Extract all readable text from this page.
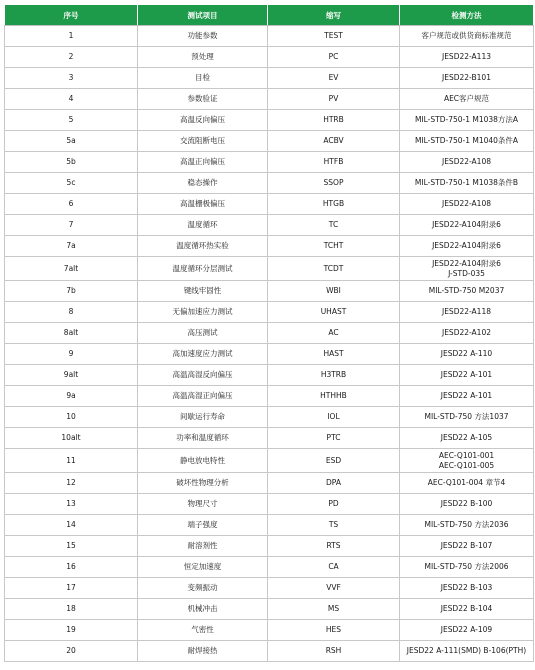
序号	测试项目	缩写	检测方法
1	功能参数	TEST	客户规范或供货商标准规范
2	预处理	PC	JESD22-A113
3	目检	EV	JESD22-B101
4	参数验证	PV	AEC客户规范
5	高温反向偏压	HTRB	MIL-STD-750-1 M1038方法A
5a	交流阻断电压	ACBV	MIL-STD-750-1 M1040条件A
5b	高温正向偏压	HTFB	JESD22-A108
5c	稳态操作	SSOP	MIL-STD-750-1 M1038条件B
6	高温栅极偏压	HTGB	JESD22-A108
7	温度循环	TC	JESD22-A104附录6
7a	温度循环热实验	TCHT	JESD22-A104附录6
7alt	温度循环分层测试	TCDT	JESD22-A104附录6
J-STD-035

7b	键线牢固性	WBI	MIL-STD-750 M2037
8	无偏加速应力测试	UHAST	JESD22-A118
8alt	高压测试	AC	JESD22-A102
9	高加速度应力测试	HAST	JESD22 A-110
9alt	高温高湿反向偏压	H3TRB	JESD22 A-101
9a	高温高湿正向偏压	HTHHB	JESD22 A-101
10	间歇运行寿命	IOL	MIL-STD-750 方法1037
10alt	功率和温度循环	PTC	JESD22 A-105
11	静电放电特性	ESD	AEC-Q101-001
AEC-Q101-005

12	破坏性物理分析	DPA	AEC-Q101-004 章节4
13	物理尺寸	PD	JESD22 B-100
14	端子强度	TS	MIL-STD-750 方法2036
15	耐溶剂性	RTS	JESD22 B-107
16	恒定加速度	CA	MIL-STD-750 方法2006
17	变频振动	VVF	JESD22 B-103
18	机械冲击	MS	JESD22 B-104
19	气密性	HES	JESD22 A-109
20	耐焊接热	RSH	JESD22 A-111(SMD) B-106(PTH)
